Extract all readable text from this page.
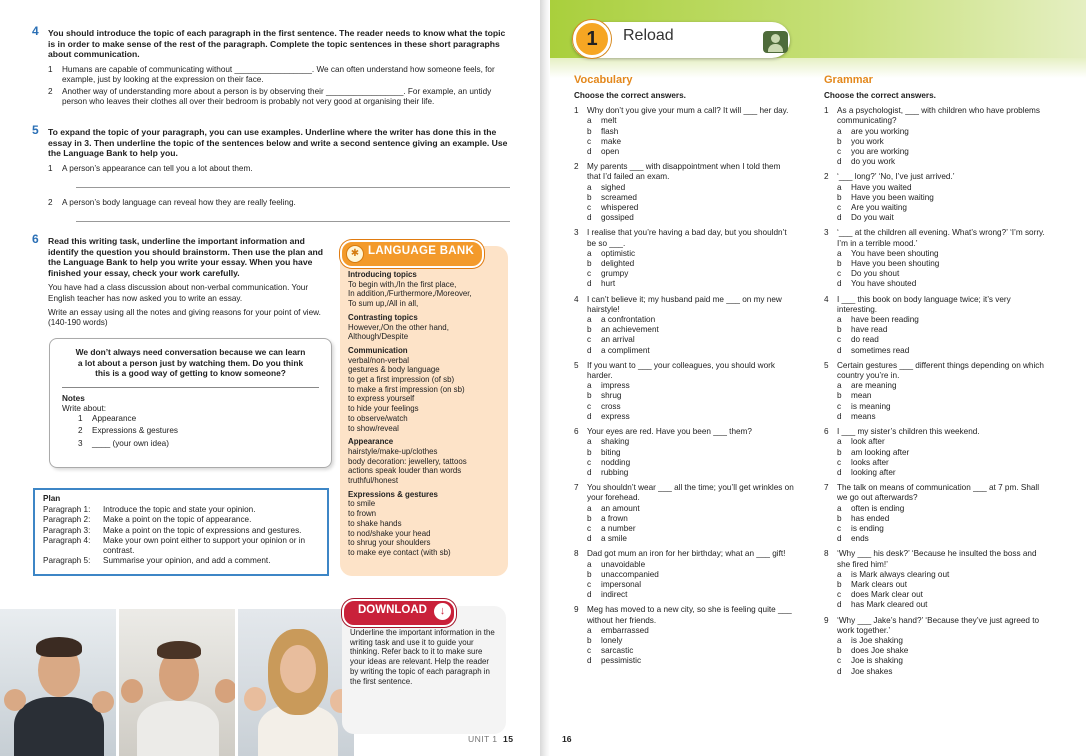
4 You should introduce the topic of each paragraph in the first sentence. The reader needs to know what the topic is in order to make sense of the rest of the paragraph. Complete the topic sentences in these short paragraphs about communication.
1 Humans are capable of communicating without _________________. We can often understand how someone feels, for example, just by looking at the expression on their face.
2 Another way of understanding more about a person is by observing their _________________. For example, an untidy person who leaves their clothes all over their bedroom is probably not very good at organising their life.
5 To expand the topic of your paragraph, you can use examples. Underline where the writer has done this in the essay in 3. Then underline the topic of the sentences below and write a second sentence giving an example. Use the Language Bank to help you.
1 A person’s appearance can tell you a lot about them.
2 A person’s body language can reveal how they are really feeling.
6 Read this writing task, underline the important information and identify the question you should brainstorm. Then use the plan and the Language Bank to help you write your essay. When you have finished your essay, check your work carefully.
You have had a class discussion about non-verbal communication. Your English teacher has now asked you to write an essay.
Write an essay using all the notes and giving reasons for your point of view. (140-190 words)
We don’t always need conversation because we can learn a lot about a person just by watching them. Do you think this is a good way of getting to know someone?
Notes
Write about:
1 Appearance
2 Expressions & gestures
3 ____ (your own idea)
Plan
Paragraph 1:	Introduce the topic and state your opinion.
Paragraph 2:	Make a point on the topic of appearance.
Paragraph 3:	Make a point on the topic of expressions and gestures.
Paragraph 4:	Make your own point either to support your opinion or in contrast.
Paragraph 5:	Summarise your opinion, and add a comment.
Introducing topics
To begin with,/In the first place,
In addition,/Furthermore,/Moreover,
To sum up,/All in all,
Contrasting topics
However,/On the other hand,
Although/Despite
Communication
verbal/non-verbal
gestures & body language
to get a first impression (of sb)
to make a first impression (on sb)
to express yourself
to hide your feelings
to observe/watch
to show/reveal
Appearance
hairstyle/make-up/clothes
body decoration: jewellery, tattoos
actions speak louder than words
truthful/honest
Expressions & gestures
to smile
to frown
to shake hands
to nod/shake your head
to shrug your shoulders
to make eye contact (with sb)
✱ LANGUAGE BANK
Underline the important information in the writing task and use it to guide your thinking. Refer back to it to make sure your ideas are relevant. Help the reader by writing the topic of each paragraph in the first sentence.
DOWNLOAD	↓
UNIT 1 15
1	Reload
Vocabulary
Choose the correct answers.
1 Why don’t you give your mum a call? It will ___ her day.
a melt
b flash
c make
d open
2 My parents ___ with disappointment when I told them that I’d failed an exam.
a sighed
b screamed
c whispered
d gossiped
3 I realise that you’re having a bad day, but you shouldn’t be so ___.
a optimistic
b delighted
c grumpy
d hurt
4 I can’t believe it; my husband paid me ___ on my new hairstyle!
a a confrontation
b an achievement
c an arrival
d a compliment
5 If you want to ___ your colleagues, you should work harder.
a impress
b shrug
c cross
d express
6 Your eyes are red. Have you been ___ them?
a shaking
b biting
c nodding
d rubbing
7 You shouldn’t wear ___ all the time; you’ll get wrinkles on your forehead.
a an amount
b a frown
c a number
d a smile
8 Dad got mum an iron for her birthday; what an ___ gift!
a unavoidable
b unaccompanied
c impersonal
d indirect
9 Meg has moved to a new city, so she is feeling quite ___ without her friends.
a embarrassed
b lonely
c sarcastic
d pessimistic
Grammar
Choose the correct answers.
1 As a psychologist, ___ with children who have problems communicating?
a are you working
b you work
c you are working
d do you work
2 ‘___ long?’ ‘No, I’ve just arrived.’
a Have you waited
b Have you been waiting
c Are you waiting
d Do you wait
3 ‘___ at the children all evening. What’s wrong?’ ‘I’m sorry. I’m in a terrible mood.’
a You have been shouting
b Have you been shouting
c Do you shout
d You have shouted
4 I ___ this book on body language twice; it’s very interesting.
a have been reading
b have read
c do read
d sometimes read
5 Certain gestures ___ different things depending on which country you’re in.
a are meaning
b mean
c is meaning
d means
6 I ___ my sister’s children this weekend.
a look after
b am looking after
c looks after
d looking after
7 The talk on means of communication ___ at 7 pm. Shall we go out afterwards?
a often is ending
b has ended
c is ending
d ends
8 ‘Why ___ his desk?’ ‘Because he insulted the boss and she fired him!’
a is Mark always clearing out
b Mark clears out
c does Mark clear out
d has Mark cleared out
9 ‘Why ___ Jake’s hand?’ ‘Because they’ve just agreed to work together.’
a is Joe shaking
b does Joe shake
c Joe is shaking
d Joe shakes
16
